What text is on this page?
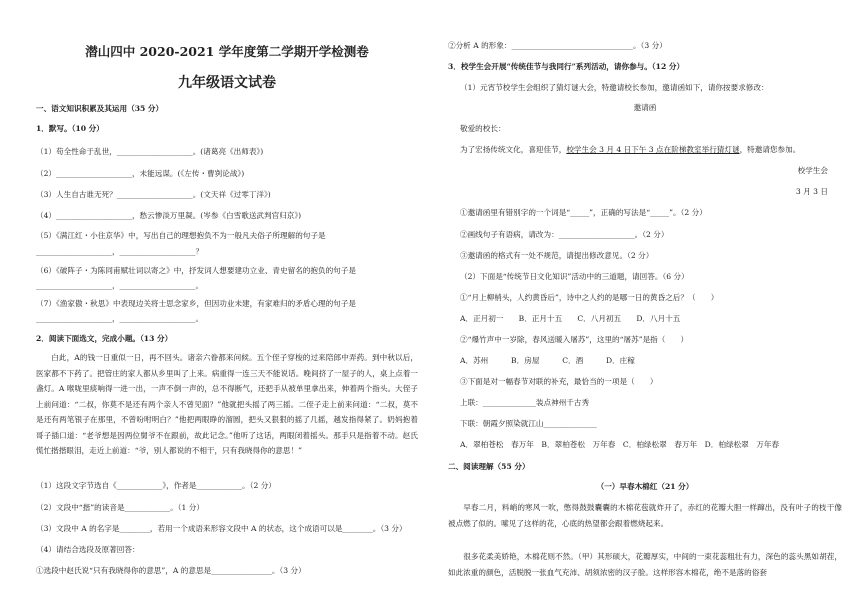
潜山四中 2020-2021 学年度第二学期开学检测卷
九年级语文试卷
一、语文知识积累及其运用（35 分）
1．默写。（10 分）
（1）苟全性命于乱世，____________________。(诸葛亮《出师表》)
（2）____________________，未能远谋。(《左传・曹刿论战》)
（3）人生自古谁无死？____________________。(文天祥《过零丁洋》)
（4）____________________，愁云惨淡万里凝。(岑参《白雪歌送武判官归京》)
（5）《满江红・小住京华》中，写出自己的理想抱负不为一般凡夫俗子所理解的句子是
____________________，____________________？
（6）《破阵子・为陈同甫赋壮词以寄之》中，抒发词人想要建功立业、青史留名的抱负的句子是
____________________，____________________。
（7）《渔家傲・秋思》中表现边关将士思念家乡，但因功业未建，有家难归的矛盾心理的句子是
____________________，____________________。
2．阅读下面选文，完成小题。（13 分）
白此，A的钱一日重似一日，再不回头。诸亲六眷都来问候。五个侄子穿梭的过来陪郎中弄药。到中秋以后，医家都不下药了。把管庄的家人都从乡里叫了上来。病重得一连三天不能说话。晚间挤了一屋子的人，桌上点着一盏灯。A 喉咙里痰响得一进一出，一声不倒一声的，总不得断气，还把手从被单里拿出来，伸着两个指头。大侄子上前问道：“二叔，你莫不是还有两个亲人不曾见面？”他就把头摇了两三摇。二侄子走上前来问道：“二叔，莫不是还有两笔银子在那里，不曾吩咐明白？”他把两眼睁的溜圆，把头又狠狠的摇了几摇，越发指得紧了。奶妈抱着哥子插口道：“老爷想是因两位舅爷不在跟前，故此记念。”他听了这话，两眼闭着摇头。那手只是指着不动。赵氏慌忙揩揩眼泪，走近上前道：“爷，别人都说的不相干，只有我晓得你的意思！”
（1）这段文字节选自《____________》，作者是____________。（2 分）
（2）文段中“揩”的读音是____________。（1 分）
（3）文段中 A 的名字是________，若用一个成语来形容文段中 A 的状态，这个成语可以是________。（3 分）
（4）请结合选段及原著回答：
①选段中赵氏说“只有我晓得你的意思”，A 的意思是________________。（3 分）
②分析 A 的形象：________________________________。（3 分）
3．校学生会开展“传统佳节与我同行”系列活动，请你参与。（12 分）
（1）元宵节校学生会组织了猜灯谜大会，特邀请校长参加，邀请函如下，请你按要求修改：
邀请函
敬爱的校长：
为了宏扬传统文化，喜迎佳节，校学生会 3 月 4 日下午 3 点在阶梯教室举行猜灯谜，特邀请您参加。
校学生会
3 月 3 日
①邀请函里有错别字的一个词是“_____”，正确的写法是“_____”。（2 分）
②画线句子有语病，请改为：____________________。（2 分）
③邀请函的格式有一处不规范，请提出修改意见。（2 分）
（2）下面是“传统节日文化知识”活动中的三道题，请回答。（6 分）
①“月上柳梢头，人约黄昏后”，诗中之人约的是哪一日的黄昏之后？（　　）
A．正月初一　　B．正月十五　　C．八月初五　　D．八月十五
②“爆竹声中一岁除，春风送暖入屠苏”，这里的“屠苏”是指（　　）
A．苏州　　　B．房屋　　　C．酒　　　D．庄稼
③下面是对一幅春节对联的补充，最恰当的一项是（　　）
上联：______________装点神州千古秀
下联：朝霞夕照染就江山______________
A．翠柏苍松　春万年　B．翠柏苍松　万年春　C．柏绿松翠　春万年　D．柏绿松翠　万年春
二、阅读理解（55 分）
（一）早春木棉红（21 分）
早春二月，料峭的寒风一吹，憋得鼓鼓囊囊的木棉花苞就炸开了，赤红的花瓣大胆一样蹿出，没有叶子的枝干像被点燃了似的。嗦见了这样的花，心底的热望都会跟着燃烧起来。
很多花柔美娇艳，木棉花则不然。（甲）其形硕大，花瓣厚实，中间的一束花蕊粗壮有力，深色的蕊头黑如胡茬，如此浓重的颜色，活脱脱一张血气充沛、胡须浓密的汉子脸。这样形容木棉花，绝不是落的俗套
